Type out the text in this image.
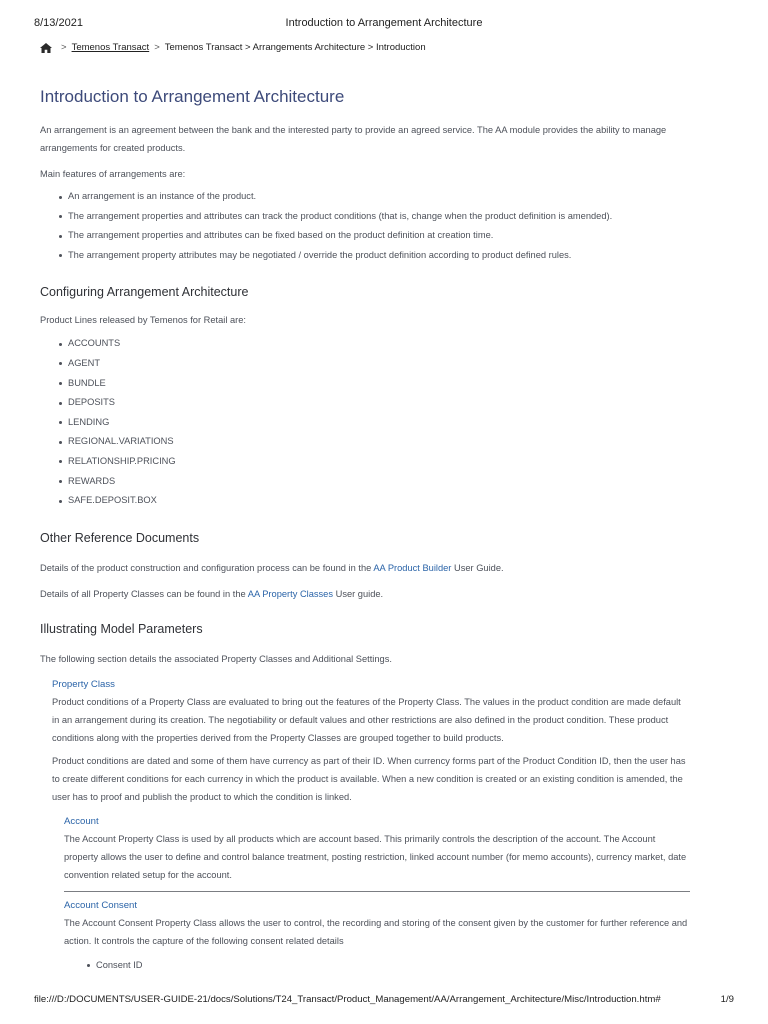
8/13/2021	Introduction to Arrangement Architecture
> Temenos Transact > Temenos Transact > Arrangements Architecture > Introduction
Introduction to Arrangement Architecture

An arrangement is an agreement between the bank and the interested party to provide an agreed service. The AA module provides the ability to manage arrangements for created products.

Main features of arrangements are:

An arrangement is an instance of the product.
The arrangement properties and attributes can track the product conditions (that is, change when the product definition is amended).
The arrangement properties and attributes can be fixed based on the product definition at creation time.
The arrangement property attributes may be negotiated / override the product definition according to product defined rules.
Configuring Arrangement Architecture

Product Lines released by Temenos for Retail are:

ACCOUNTS
AGENT
BUNDLE
DEPOSITS
LENDING
REGIONAL.VARIATIONS
RELATIONSHIP.PRICING
REWARDS
SAFE.DEPOSIT.BOX
Other Reference Documents

Details of the product construction and configuration process can be found in the AA Product Builder User Guide.

Details of all Property Classes can be found in the AA Property Classes User guide.

Illustrating Model Parameters

The following section details the associated Property Classes and Additional Settings.

Property Class

Product conditions of a Property Class are evaluated to bring out the features of the Property Class. The values in the product condition are made default in an arrangement during its creation. The negotiability or default values and other restrictions are also defined in the product condition. These product conditions along with the properties derived from the Property Classes are grouped together to build products.

Product conditions are dated and some of them have currency as part of their ID. When currency forms part of the Product Condition ID, then the user has to create different conditions for each currency in which the product is available. When a new condition is created or an existing condition is amended, the user has to proof and publish the product to which the condition is linked.

Account

The Account Property Class is used by all products which are account based. This primarily controls the description of the account. The Account property allows the user to define and control balance treatment, posting restriction, linked account number (for memo accounts), currency market, date convention related setup for the account.

Account Consent

The Account Consent Property Class allows the user to control, the recording and storing of the consent given by the customer for further reference and action. It controls the capture of the following consent related details

Consent ID
file:///D:/DOCUMENTS/USER-GUIDE-21/docs/Solutions/T24_Transact/Product_Management/AA/Arrangement_Architecture/Misc/Introduction.htm#	1/9
